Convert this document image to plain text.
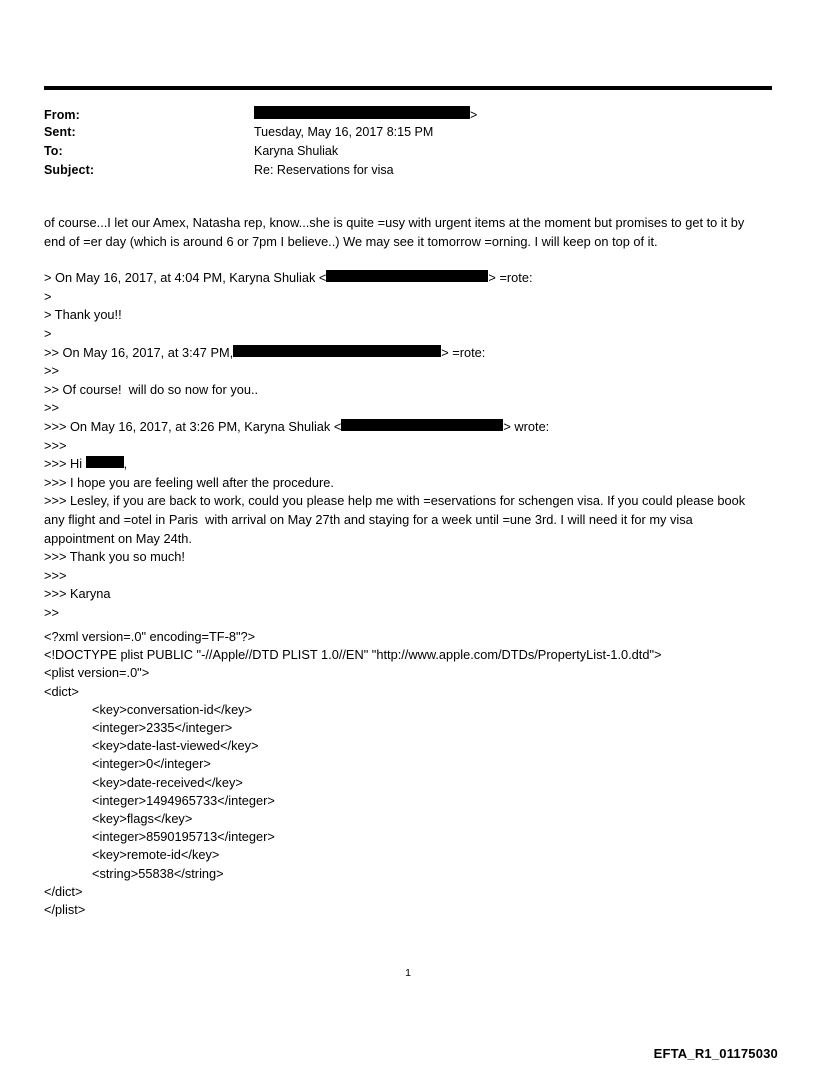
From:	>
Sent:	Tuesday, May 16, 2017 8:15 PM
To:	Karyna Shuliak
Subject:	Re: Reservations for visa

of course...I let our Amex, Natasha rep, know...she is quite =usy with urgent items at the moment but promises to get to it by end of =er day (which is around 6 or 7pm I believe..) We may see it tomorrow =orning. I will keep on top of it.

> On May 16, 2017, at 4:04 PM, Karyna Shuliak <	> =rote:
>
> Thank you!!
>
>> On May 16, 2017, at 3:47 PM,	> =rote:
>>
>> Of course!  will do so now for you..
>>
>>> On May 16, 2017, at 3:26 PM, Karyna Shuliak <	> wrote:
>>>
>>> Hi	,
>>> I hope you are feeling well after the procedure.
>>> Lesley, if you are back to work, could you please help me with =eservations for schengen visa. If you could please book any flight and =otel in Paris  with arrival on May 27th and staying for a week until =une 3rd. I will need it for my visa appointment on May 24th.
>>> Thank you so much!
>>>
>>> Karyna
>>
<?xml version=.0" encoding=TF-8"?>
<!DOCTYPE plist PUBLIC "-//Apple//DTD PLIST 1.0//EN" "http://www.apple.com/DTDs/PropertyList-1.0.dtd">
<plist version=.0">
<dict>
<key>conversation-id</key>
<integer>2335</integer>
<key>date-last-viewed</key>
<integer>0</integer>
<key>date-received</key>
<integer>1494965733</integer>
<key>flags</key>
<integer>8590195713</integer>
<key>remote-id</key>
<string>55838</string>
</dict>
</plist>
1
EFTA_R1_01175030
